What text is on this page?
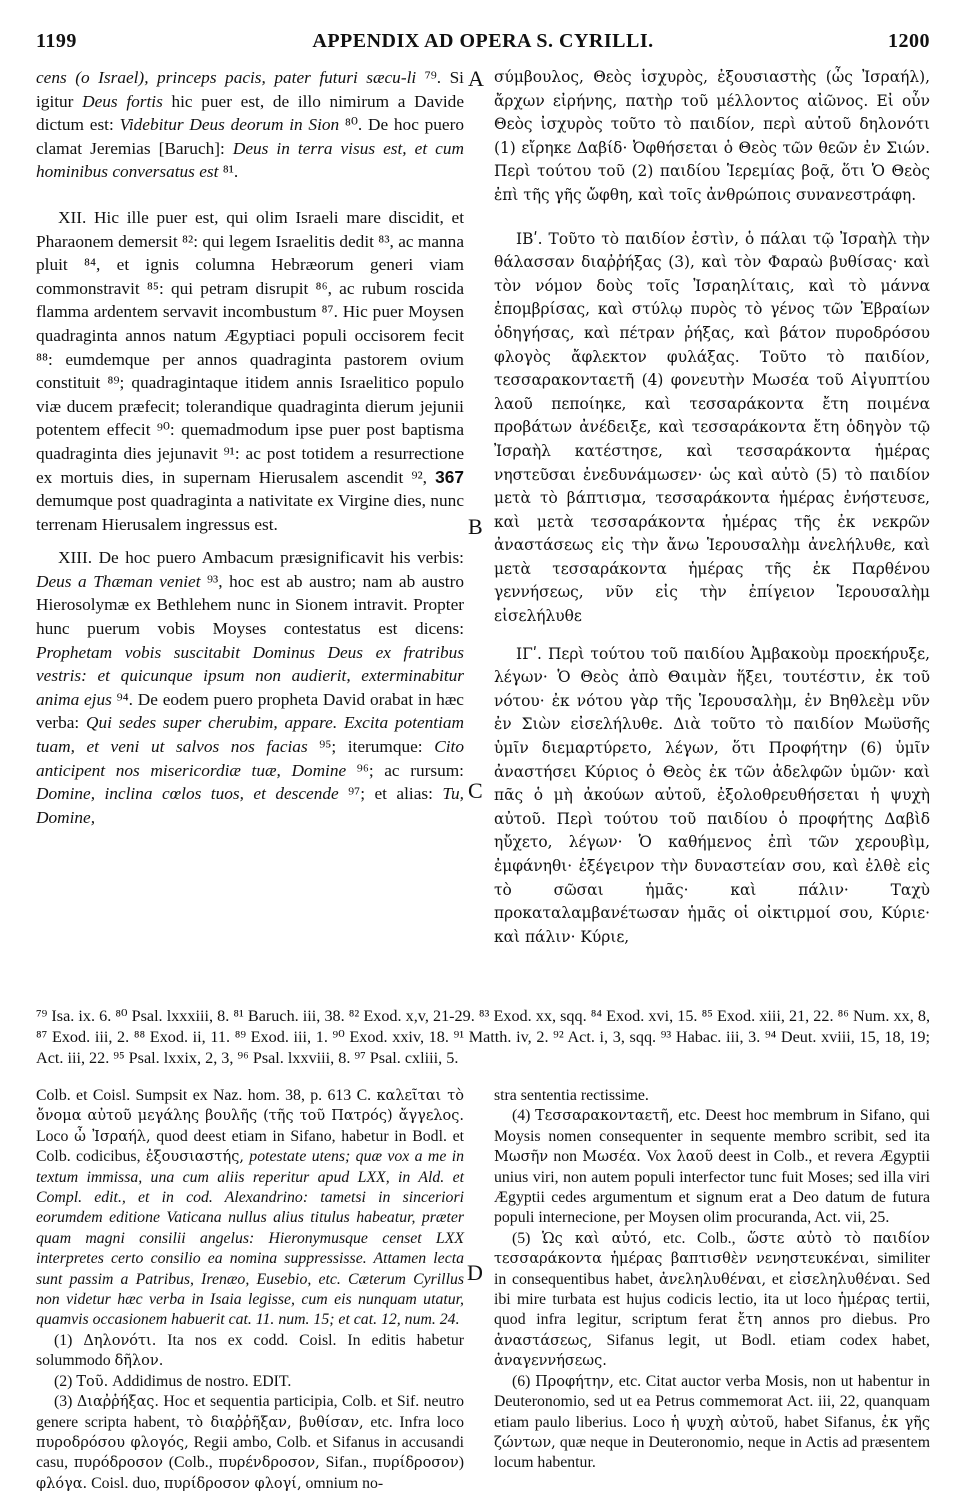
1199	APPENDIX AD OPERA S. CYRILLI.	1200

cens (o Israel), princeps pacis, pater futuri sæcu-li ⁷⁹. Si igitur Deus fortis hic puer est, de illo nimirum a Davide dictum est: Videbitur Deus deorum in Sion ⁸⁰. De hoc puero clamat Jeremias [Baruch]: Deus in terra visus est, et cum hominibus conversatus est ⁸¹.

XII. Hic ille puer est, qui olim Israeli mare discidit, et Pharaonem demersit ⁸²: qui legem Israelitis dedit ⁸³, ac manna pluit ⁸⁴, et ignis columna Hebræorum generi viam commonstravit ⁸⁵: qui petram disrupit ⁸⁶, ac rubum roscida flamma ardentem servavit incombustum ⁸⁷. Hic puer Moysen quadraginta annos natum Ægyptiaci populi occisorem fecit ⁸⁸: eumdemque per annos quadraginta pastorem ovium constituit ⁸⁹; quadragintaque itidem annis Israelitico populo viæ ducem præfecit; tolerandique quadraginta dierum jejunii potentem effecit ⁹⁰: quemadmodum ipse puer post baptisma quadraginta dies jejunavit ⁹¹: ac post totidem a resurrectione ex mortuis dies, in supernam Hierusalem ascendit ⁹², 367 demumque post quadraginta a nativitate ex Virgine dies, nunc terrenam Hierusalem ingressus est.

XIII. De hoc puero Ambacum præsignificavit his verbis: Deus a Thæman veniet ⁹³, hoc est ab austro; nam ab austro Hierosolymæ ex Bethlehem nunc in Sionem intravit. Propter hunc puerum vobis Moyses contestatus est dicens: Prophetam vobis suscitabit Dominus Deus ex fratribus vestris: et quicunque ipsum non audierit, exterminabitur anima ejus ⁹⁴. De eodem puero propheta David orabat in hæc verba: Qui sedes super cherubim, appare. Excita potentiam tuam, et veni ut salvos nos facias ⁹⁵; iterumque: Cito anticipent nos misericordiæ tuæ, Domine ⁹⁶; ac rursum: Domine, inclina cœlos tuos, et descende ⁹⁷; et alias: Tu, Domine,

A
B
C
D

σύμβουλος, Θεὸς ἰσχυρὸς, ἐξουσιαστὴς (ὦς Ἰσραήλ), ἄρχων εἰρήνης, πατὴρ τοῦ μέλλοντος αἰῶνος. Εἰ οὖν Θεὸς ἰσχυρὸς τοῦτο τὸ παιδίον, περὶ αὐτοῦ δηλονότι (1) εἴρηκε Δαβίδ· Ὀφθήσεται ὁ Θεὸς τῶν θεῶν ἐν Σιών. Περὶ τούτου τοῦ (2) παιδίου Ἱερεμίας βοᾷ, ὅτι Ὁ Θεὸς ἐπὶ τῆς γῆς ὤφθη, καὶ τοῖς ἀνθρώποις συνανεστράφη.

ΙΒʹ. Τοῦτο τὸ παιδίον ἐστὶν, ὁ πάλαι τῷ Ἰσραὴλ τὴν θάλασσαν διαῤῥήξας (3), καὶ τὸν Φαραὼ βυθίσας· καὶ τὸν νόμον δοὺς τοῖς Ἰσραηλίταις, καὶ τὸ μάννα ἐπομβρίσας, καὶ στύλῳ πυρὸς τὸ γένος τῶν Ἑβραίων ὁδηγήσας, καὶ πέτραν ῥήξας, καὶ βάτον πυροδρόσου φλογὸς ἄφλεκτον φυλάξας. Τοῦτο τὸ παιδίον, τεσσαρακονταετῆ (4) φονευτὴν Μωσέα τοῦ Αἰγυπτίου λαοῦ πεποίηκε, καὶ τεσσαράκοντα ἔτη ποιμένα προβάτων ἀνέδειξε, καὶ τεσσαράκοντα ἔτη ὁδηγὸν τῷ Ἰσραὴλ κατέστησε, καὶ τεσσαράκοντα ἡμέρας νηστεῦσαι ἐνεδυνάμωσεν· ὡς καὶ αὐτὸ (5) τὸ παιδίον μετὰ τὸ βάπτισμα, τεσσαράκοντα ἡμέρας ἐνήστευσε, καὶ μετὰ τεσσαράκοντα ἡμέρας τῆς ἐκ νεκρῶν ἀναστάσεως εἰς τὴν ἄνω Ἱερουσαλὴμ ἀνελήλυθε, καὶ μετὰ τεσσαράκοντα ἡμέρας τῆς ἐκ Παρθένου γεννήσεως, νῦν εἰς τὴν ἐπίγειον Ἱερουσαλὴμ εἰσελήλυθε

ΙΓʹ. Περὶ τούτου τοῦ παιδίου Ἀμβακοὺμ προεκήρυξε, λέγων· Ὁ Θεὸς ἀπὸ Θαιμὰν ἥξει, τουτέστιν, ἐκ τοῦ νότου· ἐκ νότου γὰρ τῆς Ἱερουσαλὴμ, ἐν Βηθλεὲμ νῦν ἐν Σιὼν εἰσελήλυθε. Διὰ τοῦτο τὸ παιδίον Μωϋσῆς ὑμῖν διεμαρτύρετο, λέγων, ὅτι Προφήτην (6) ὑμῖν ἀναστήσει Κύριος ὁ Θεὸς ἐκ τῶν ἀδελφῶν ὑμῶν· καὶ πᾶς ὁ μὴ ἀκούων αὐτοῦ, ἐξολοθρευθήσεται ἡ ψυχὴ αὐτοῦ. Περὶ τούτου τοῦ παιδίου ὁ προφήτης Δαβὶδ ηὔχετο, λέγων· Ὁ καθήμενος ἐπὶ τῶν χερουβὶμ, ἐμφάνηθι· ἐξέγειρον τὴν δυναστείαν σου, καὶ ἐλθὲ εἰς τὸ σῶσαι ἡμᾶς· καὶ πάλιν· Ταχὺ προκαταλαμβανέτωσαν ἡμᾶς οἱ οἰκτιρμοί σου, Κύριε· καὶ πάλιν· Κύριε,

⁷⁹ Isa. ix. 6. ⁸⁰ Psal. lxxxiii, 8. ⁸¹ Baruch. iii, 38. ⁸² Exod. x,v, 21-29. ⁸³ Exod. xx, sqq. ⁸⁴ Exod. xvi, 15. ⁸⁵ Exod. xiii, 21, 22. ⁸⁶ Num. xx, 8, ⁸⁷ Exod. iii, 2. ⁸⁸ Exod. ii, 11. ⁸⁹ Exod. iii, 1. ⁹⁰ Exod. xxiv, 18. ⁹¹ Matth. iv, 2. ⁹² Act. i, 3, sqq. ⁹³ Habac. iii, 3. ⁹⁴ Deut. xviii, 15, 18, 19; Act. iii, 22. ⁹⁵ Psal. lxxix, 2, 3, ⁹⁶ Psal. lxxviii, 8. ⁹⁷ Psal. cxliii, 5.

Colb. et Coisl. Sumpsit ex Naz. hom. 38, p. 613 C. καλεῖται τὸ ὄνομα αὐτοῦ μεγάλης βουλῆς (τῆς τοῦ Πατρός) ἄγγελος. Loco ὦ Ἰσραήλ, quod deest etiam in Sifano, habetur in Bodl. et Colb. codicibus, ἐξουσιαστής, potestate utens; quæ vox a me in textum immissa, una cum aliis reperitur apud LXX, in Ald. et Compl. edit., et in cod. Alexandrino: tametsi in sinceriori eorumdem editione Vaticana nullus alius titulus habeatur, præter quam magni consilii angelus: Hieronymusque censet LXX interpretes certo consilio ea nomina suppressisse. Attamen lecta sunt passim a Patribus, Irenæo, Eusebio, etc. Cæterum Cyrillus non videtur hæc verba in Isaia legisse, cum eis nunquam utatur, quamvis occasionem habuerit cat. 11. num. 15; et cat. 12, num. 24.

(1) Δηλονότι. Ita nos ex codd. Coisl. In editis habetur solummodo δῆλον.

(2) Τοῦ. Addidimus de nostro. EDIT.

(3) Διαῤῥήξας. Hoc et sequentia participia, Colb. et Sif. neutro genere scripta habent, τὸ διαῤῥῆξαν, βυθίσαν, etc. Infra loco πυροδρόσου φλογός, Regii ambo, Colb. et Sifanus in accusandi casu, πυρόδροσον (Colb., πυρένδροσον, Sifan., πυρίδροσον) φλόγα. Coisl. duo, πυρίδροσον φλογί, omnium no-

stra sententia rectissime.

(4) Τεσσαρακονταετῆ, etc. Deest hoc membrum in Sifano, qui Moysis nomen consequenter in sequente membro scribit, sed ita Μωσῆν non Μωσέα. Vox λαοῦ deest in Colb., et revera Ægyptii unius viri, non autem populi interfector tunc fuit Moses; sed illa viri Ægyptii cedes argumentum et signum erat a Deo datum de futura populi internecione, per Moysen olim procuranda, Act. vii, 25.

(5) Ὡς καὶ αὐτό, etc. Colb., ὥστε αὐτὸ τὸ παιδίον τεσσαράκοντα ἡμέρας βαπτισθὲν νενηστευκέναι, similiter in consequentibus habet, ἀνεληλυθέναι, et εἰσεληλυθέναι. Sed ibi mire turbata est hujus codicis lectio, ita ut loco ἡμέρας tertii, quod infra legitur, scriptum ferat ἔτη annos pro diebus. Pro ἀναστάσεως, Sifanus legit, ut Bodl. etiam codex habet, ἀναγεννήσεως.

(6) Προφήτην, etc. Citat auctor verba Mosis, non ut habentur in Deuteronomio, sed ut ea Petrus commemorat Act. iii, 22, quanquam etiam paulo liberius. Loco ἡ ψυχὴ αὐτοῦ, habet Sifanus, ἐκ γῆς ζώντων, quæ neque in Deuteronomio, neque in Actis ad præsentem locum habentur.
